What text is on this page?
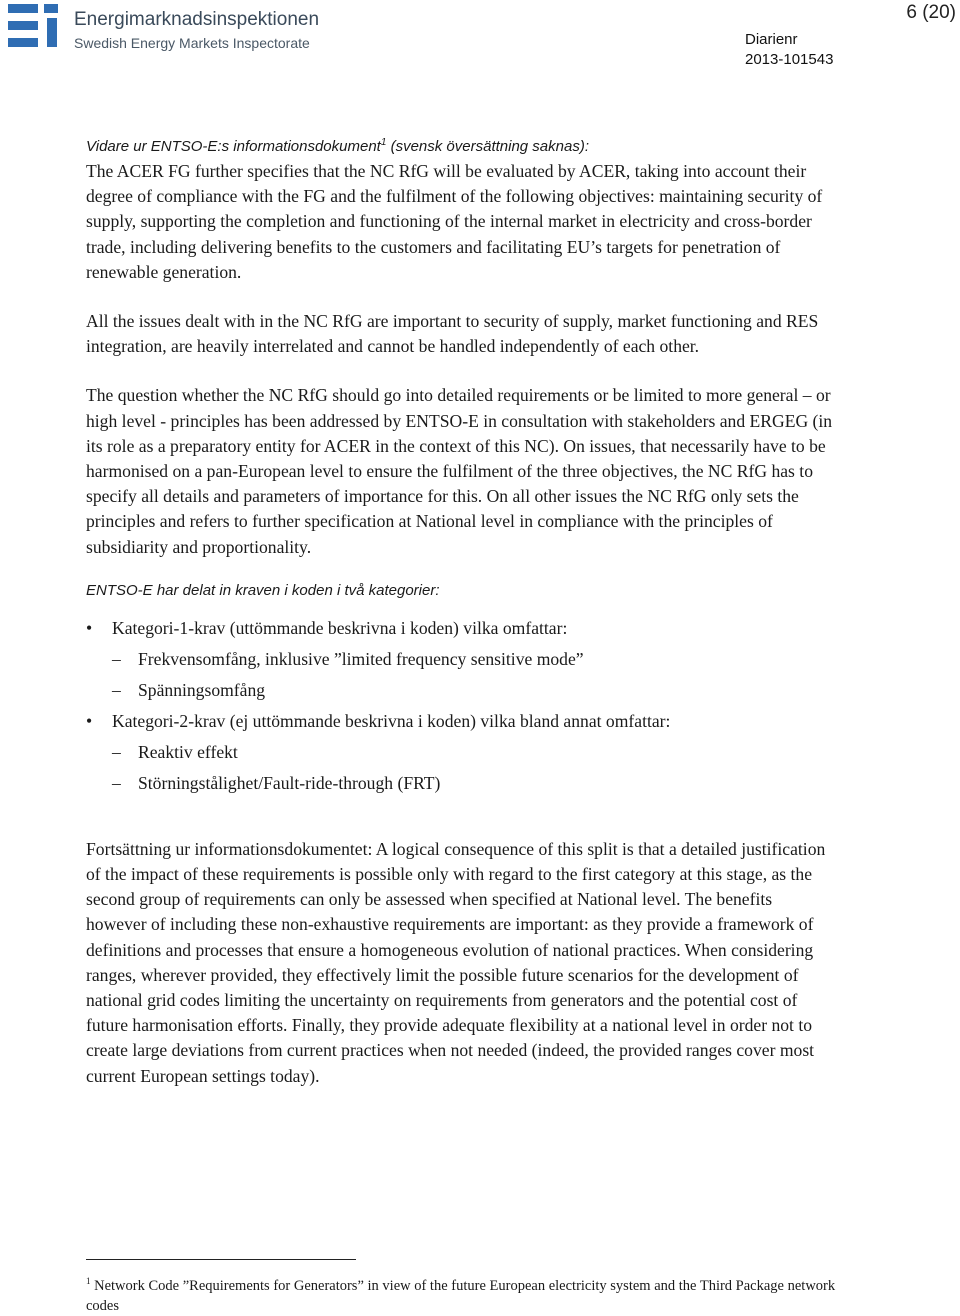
Energimarknadsinspektionen
Swedish Energy Markets Inspectorate
6 (20)
Diarienr
2013-101543
Vidare ur ENTSO-E:s informationsdokument$^1$ (svensk översättning saknas):

The ACER FG further specifies that the NC RfG will be evaluated by ACER, taking into account their degree of compliance with the FG and the fulfilment of the following objectives: maintaining security of supply, supporting the completion and functioning of the internal market in electricity and cross-border trade, including delivering benefits to the customers and facilitating EU’s targets for penetration of renewable generation.

All the issues dealt with in the NC RfG are important to security of supply, market functioning and RES integration, are heavily interrelated and cannot be handled independently of each other.

The question whether the NC RfG should go into detailed requirements or be limited to more general – or high level - principles has been addressed by ENTSO-E in consultation with stakeholders and ERGEG (in its role as a preparatory entity for ACER in the context of this NC). On issues, that necessarily have to be harmonised on a pan-European level to ensure the fulfilment of the three objectives, the NC RfG has to specify all details and parameters of importance for this. On all other issues the NC RfG only sets the principles and refers to further specification at National level in compliance with the principles of subsidiarity and proportionality.

ENTSO-E har delat in kraven i koden i två kategorier:
• Kategori-1-krav (uttömmande beskrivna i koden) vilka omfattar:
– Frekvensomfång, inklusive ”limited frequency sensitive mode”
– Spänningsomfång
• Kategori-2-krav (ej uttömmande beskrivna i koden) vilka bland annat omfattar:
– Reaktiv effekt
– Störningstålighet/Fault-ride-through (FRT)

Fortsättning ur informationsdokumentet: A logical consequence of this split is that a detailed justification of the impact of these requirements is possible only with regard to the first category at this stage, as the second group of requirements can only be assessed when specified at National level. The benefits however of including these non-exhaustive requirements are important: as they provide a framework of definitions and processes that ensure a homogeneous evolution of national practices. When considering ranges, wherever provided, they effectively limit the possible future scenarios for the development of national grid codes limiting the uncertainty on requirements from generators and the potential cost of future harmonisation efforts. Finally, they provide adequate flexibility at a national level in order not to create large deviations from current practices when not needed (indeed, the provided ranges cover most current European settings today).

$^1$ Network Code ”Requirements for Generators” in view of the future European electricity system and the Third Package network codes
